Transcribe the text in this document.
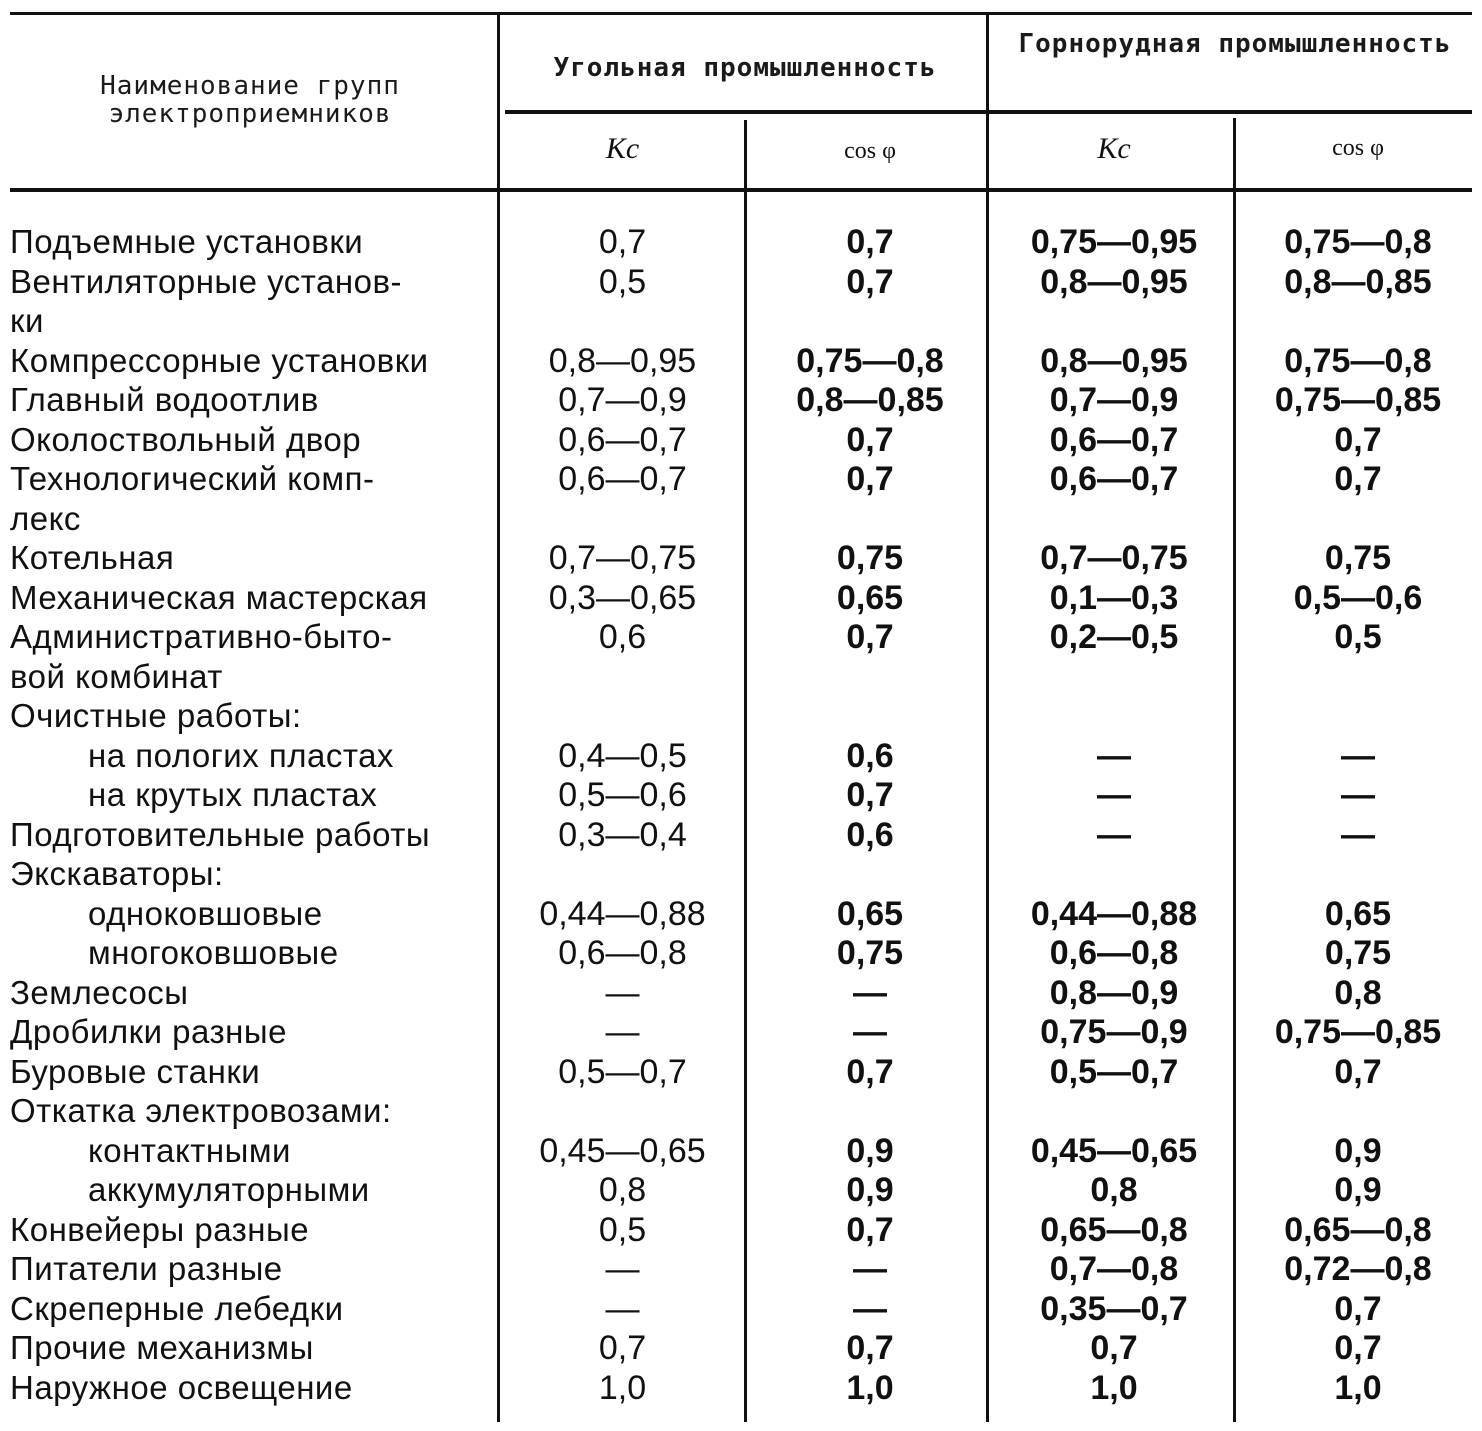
Наименование групп электроприемников
Угольная промышленность
Горнорудная промышленность
Kс	cos φ	Kс	cos φ
Подъемные установки	0,7	0,7	0,75—0,95	0,75—0,8
Вентиляторные установ-	0,5	0,7	0,8—0,95	0,8—0,85
ки
Компрессорные установки	0,8—0,95	0,75—0,8	0,8—0,95	0,75—0,8
Главный водоотлив	0,7—0,9	0,8—0,85	0,7—0,9	0,75—0,85
Околоствольный двор	0,6—0,7	0,7	0,6—0,7	0,7
Технологический комп-	0,6—0,7	0,7	0,6—0,7	0,7
лекс
Котельная	0,7—0,75	0,75	0,7—0,75	0,75
Механическая мастерская	0,3—0,65	0,65	0,1—0,3	0,5—0,6
Административно-быто-	0,6	0,7	0,2—0,5	0,5
вой комбинат
Очистные работы:
на пологих пластах	0,4—0,5	0,6	—	—
на крутых пластах	0,5—0,6	0,7	—	—
Подготовительные работы	0,3—0,4	0,6	—	—
Экскаваторы:
одноковшовые	0,44—0,88	0,65	0,44—0,88	0,65
многоковшовые	0,6—0,8	0,75	0,6—0,8	0,75
Землесосы	—	—	0,8—0,9	0,8
Дробилки разные	—	—	0,75—0,9	0,75—0,85
Буровые станки	0,5—0,7	0,7	0,5—0,7	0,7
Откатка электровозами:
контактными	0,45—0,65	0,9	0,45—0,65	0,9
аккумуляторными	0,8	0,9	0,8	0,9
Конвейеры разные	0,5	0,7	0,65—0,8	0,65—0,8
Питатели разные	—	—	0,7—0,8	0,72—0,8
Скреперные лебедки	—	—	0,35—0,7	0,7
Прочие механизмы	0,7	0,7	0,7	0,7
Наружное освещение	1,0	1,0	1,0	1,0
